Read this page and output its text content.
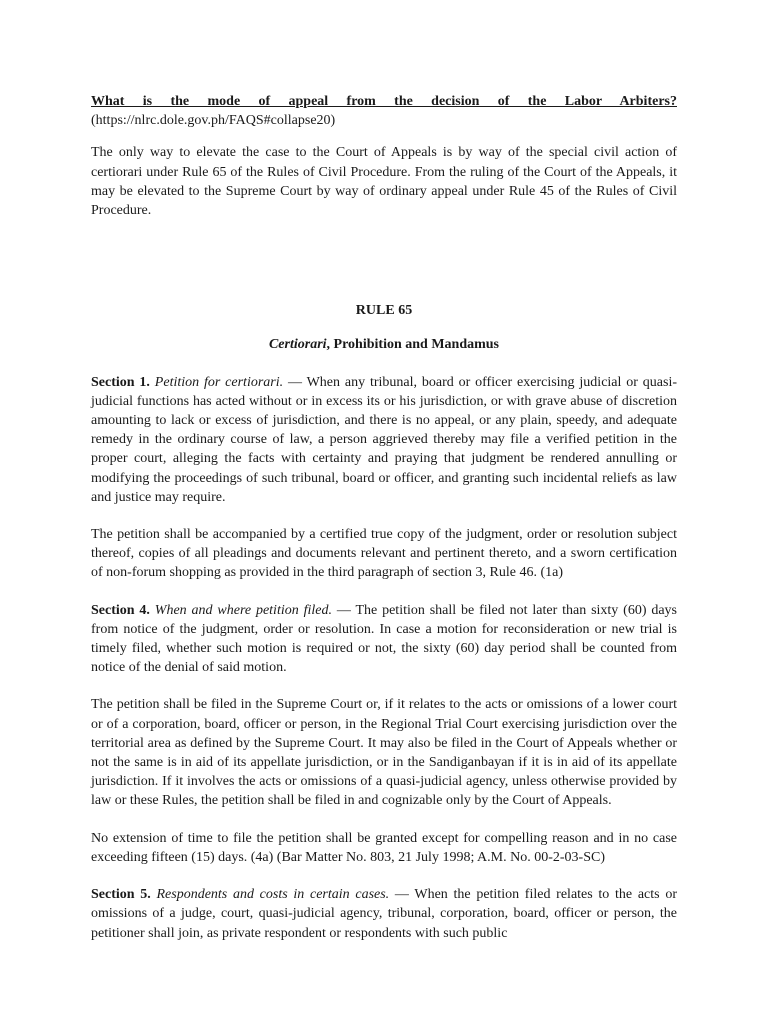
What is the mode of appeal from the decision of the Labor Arbiters?
(https://nlrc.dole.gov.ph/FAQS#collapse20)

The only way to elevate the case to the Court of Appeals is by way of the special civil action of certiorari under Rule 65 of the Rules of Civil Procedure. From the ruling of the Court of the Appeals, it may be elevated to the Supreme Court by way of ordinary appeal under Rule 45 of the Rules of Civil Procedure.

RULE 65

Certiorari, Prohibition and Mandamus

Section 1. Petition for certiorari. — When any tribunal, board or officer exercising judicial or quasi-judicial functions has acted without or in excess its or his jurisdiction, or with grave abuse of discretion amounting to lack or excess of jurisdiction, and there is no appeal, or any plain, speedy, and adequate remedy in the ordinary course of law, a person aggrieved thereby may file a verified petition in the proper court, alleging the facts with certainty and praying that judgment be rendered annulling or modifying the proceedings of such tribunal, board or officer, and granting such incidental reliefs as law and justice may require.

The petition shall be accompanied by a certified true copy of the judgment, order or resolution subject thereof, copies of all pleadings and documents relevant and pertinent thereto, and a sworn certification of non-forum shopping as provided in the third paragraph of section 3, Rule 46. (1a)

Section 4. When and where petition filed. — The petition shall be filed not later than sixty (60) days from notice of the judgment, order or resolution. In case a motion for reconsideration or new trial is timely filed, whether such motion is required or not, the sixty (60) day period shall be counted from notice of the denial of said motion.

The petition shall be filed in the Supreme Court or, if it relates to the acts or omissions of a lower court or of a corporation, board, officer or person, in the Regional Trial Court exercising jurisdiction over the territorial area as defined by the Supreme Court. It may also be filed in the Court of Appeals whether or not the same is in aid of its appellate jurisdiction, or in the Sandiganbayan if it is in aid of its appellate jurisdiction. If it involves the acts or omissions of a quasi-judicial agency, unless otherwise provided by law or these Rules, the petition shall be filed in and cognizable only by the Court of Appeals.

No extension of time to file the petition shall be granted except for compelling reason and in no case exceeding fifteen (15) days. (4a) (Bar Matter No. 803, 21 July 1998; A.M. No. 00-2-03-SC)

Section 5. Respondents and costs in certain cases. — When the petition filed relates to the acts or omissions of a judge, court, quasi-judicial agency, tribunal, corporation, board, officer or person, the petitioner shall join, as private respondent or respondents with such public
